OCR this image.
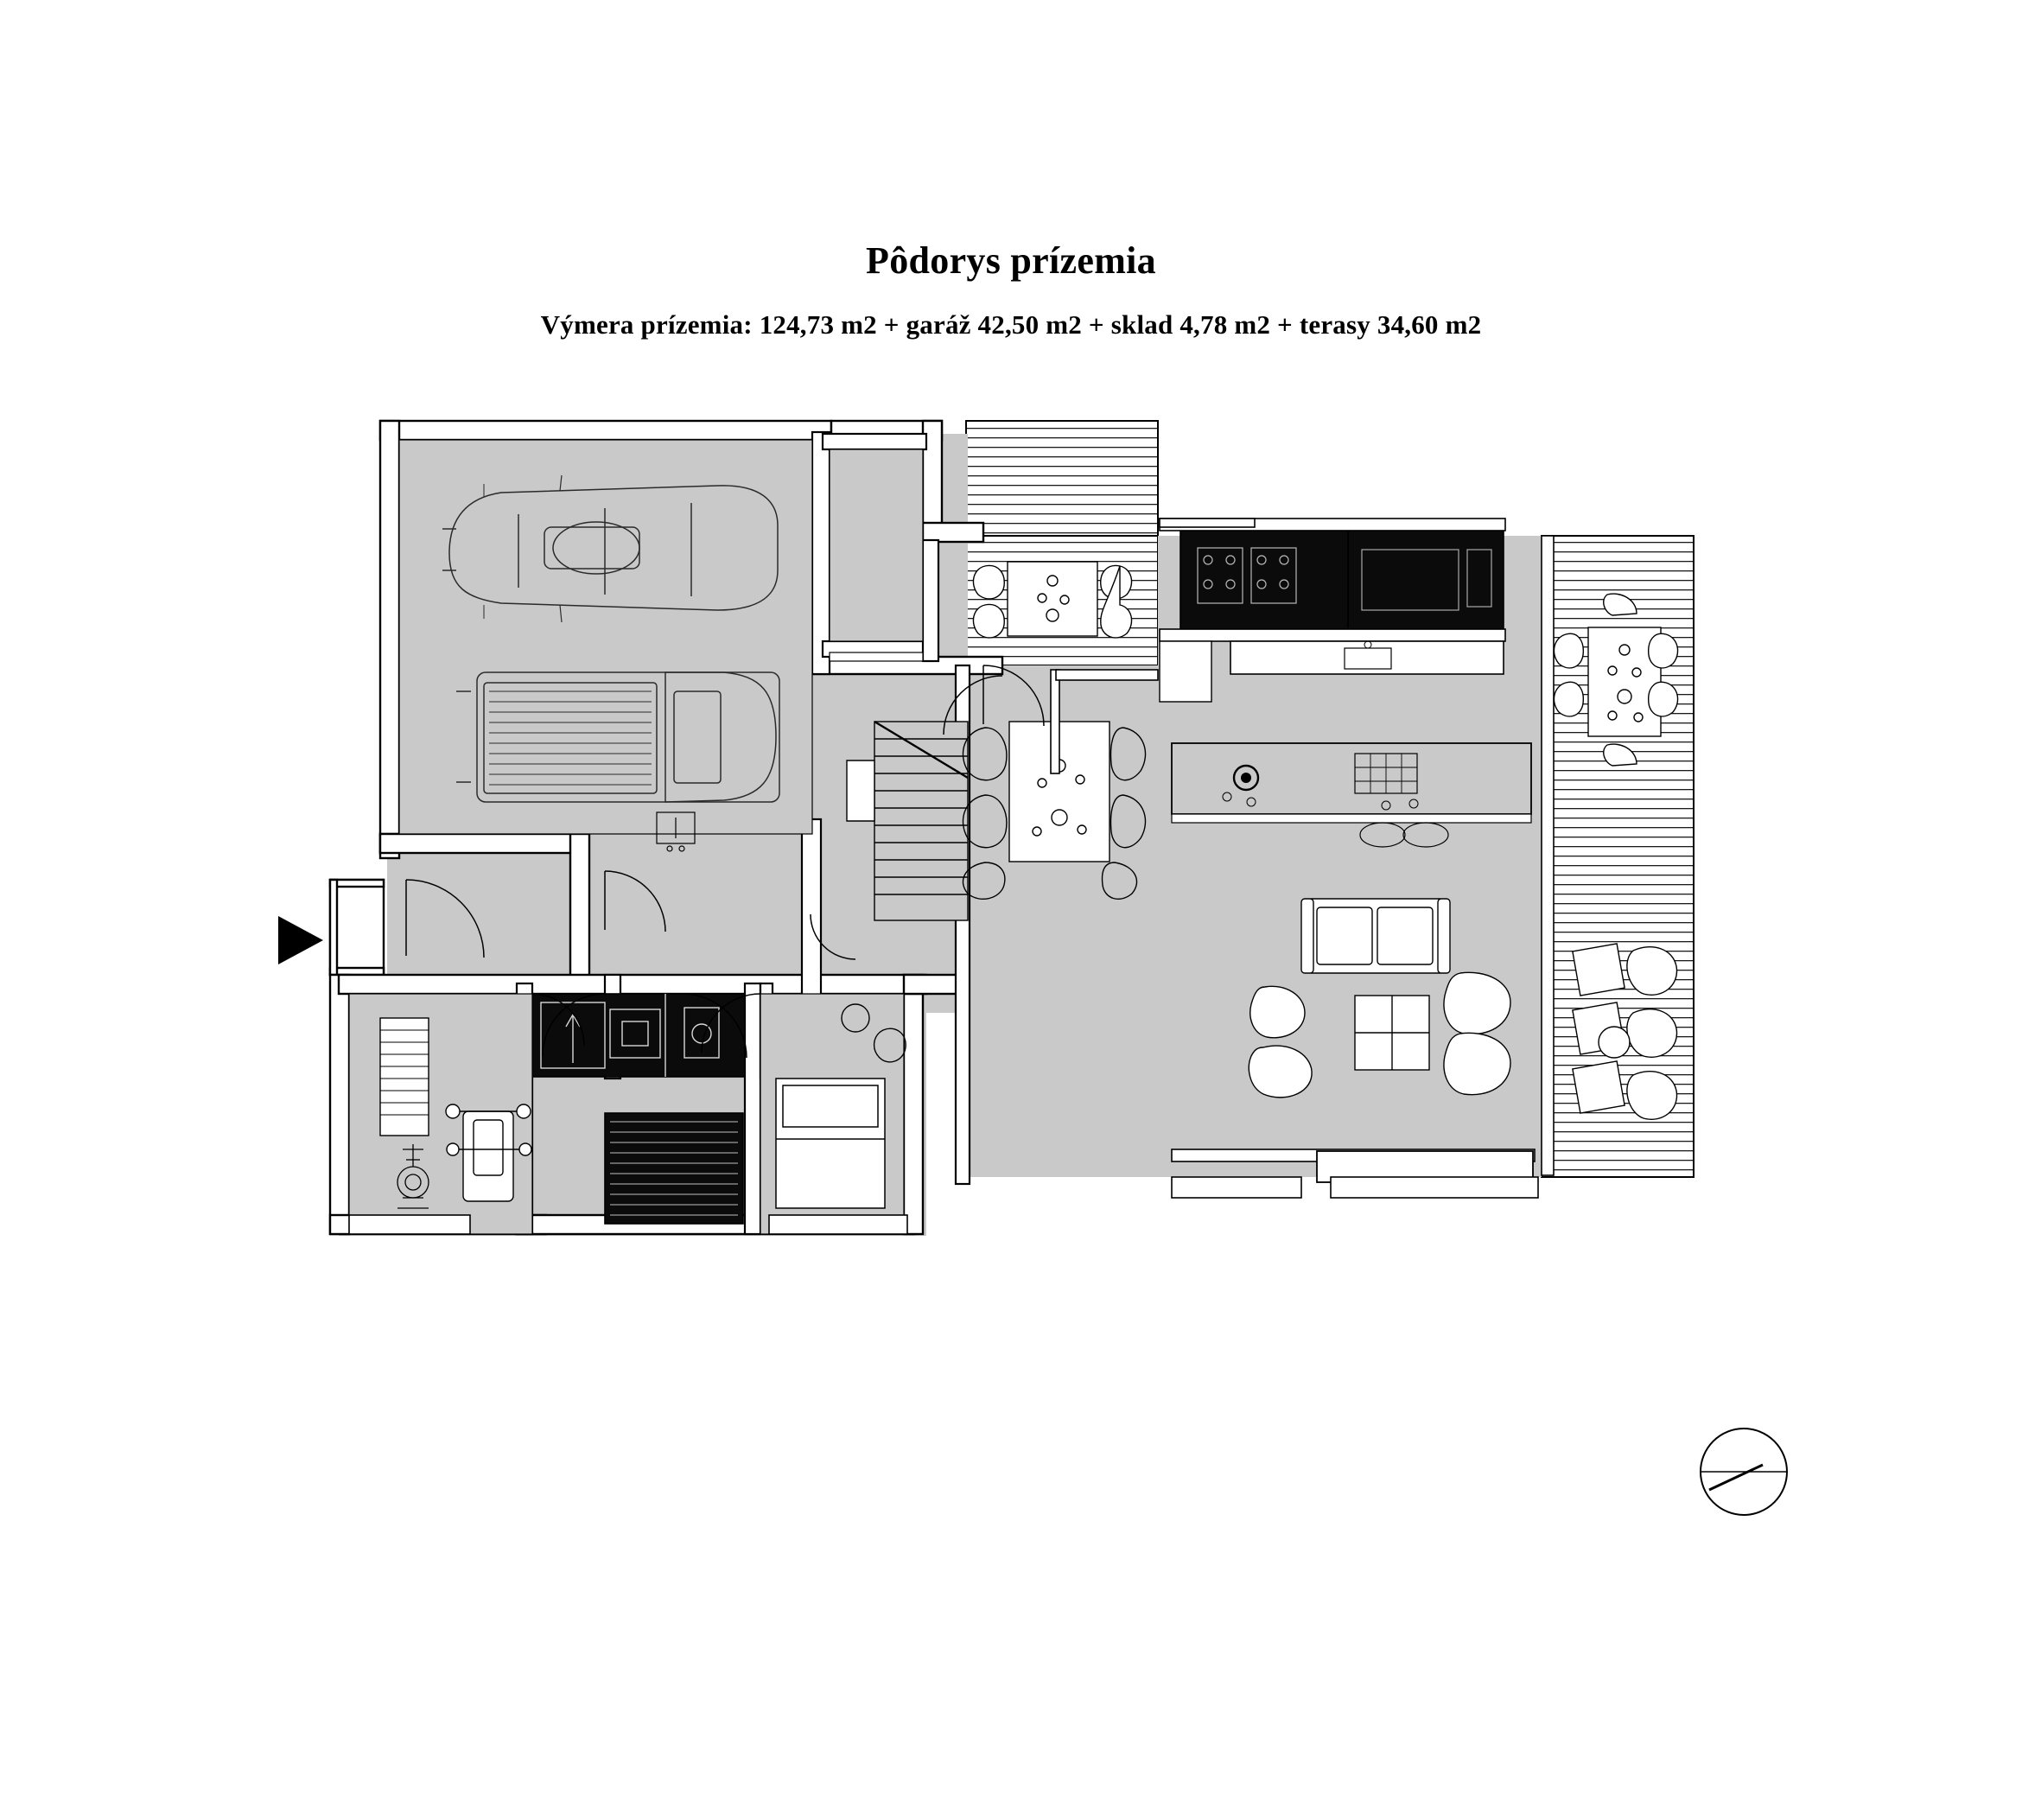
Pôdorys prízemia
Výmera prízemia: 124,73 m2 + garáž 42,50 m2 + sklad 4,78 m2 + terasy 34,60 m2
